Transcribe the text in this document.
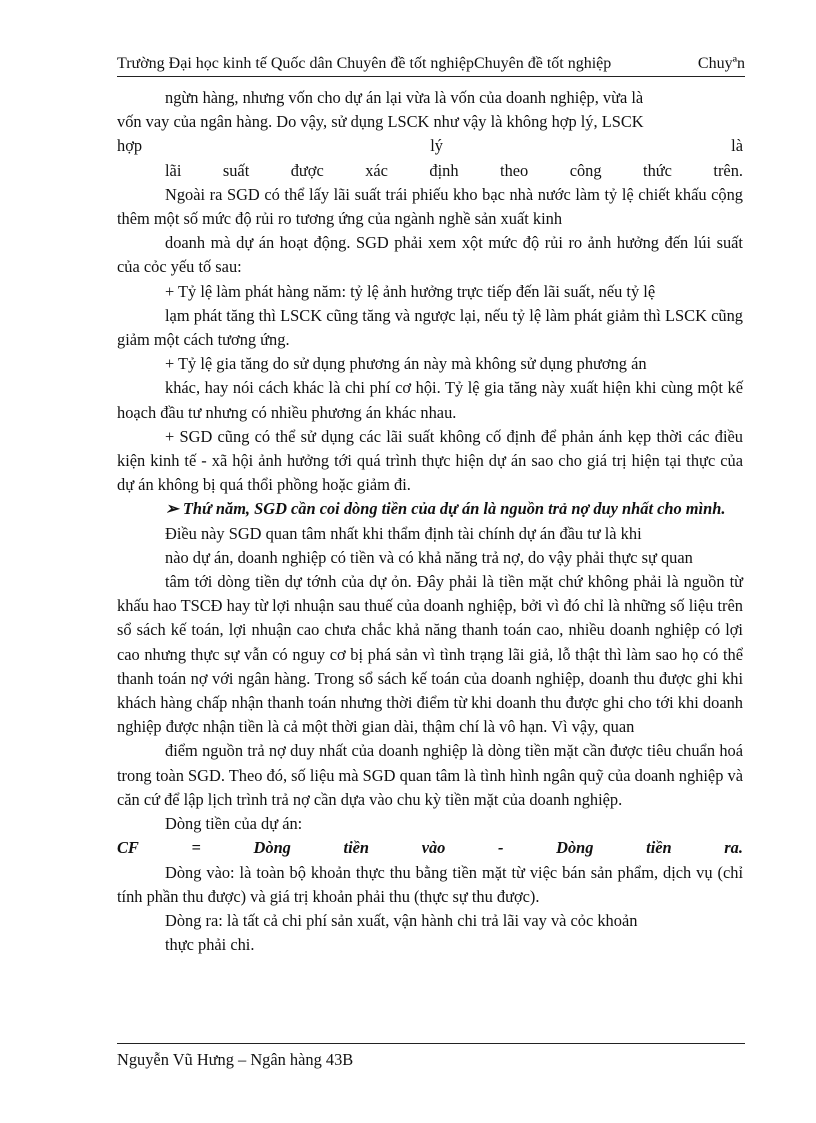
Trường Đại học kinh tế Quốc dân Chuyên đề tốt nghiệpChuyên đề tốt nghiệp	Chuyªn

ngừn hàng, nhưng vốn cho dự án lại vừa là vốn của doanh nghiệp, vừa là

vốn vay của ngân hàng. Do vậy, sử dụng LSCK như vậy là không hợp lý, LSCK

hợp	lý	là

lãi suất được xác định theo công thức trên.

Ngoài ra SGD có thể lấy lãi suất trái phiếu kho bạc nhà nước làm tỷ lệ chiết khấu cộng thêm một số mức độ rủi ro tương ứng của ngành nghề sản xuất kinh

doanh mà dự án hoạt động. SGD phải xem xột mức độ rủi ro ảnh hưởng đến lúi suất của cỏc yếu tố sau:

+ Tỷ lệ làm phát hàng năm: tỷ lệ ảnh hưởng trực tiếp đến lãi suất, nếu tỷ lệ

lạm phát tăng thì LSCK cũng tăng và ngược lại, nếu tỷ lệ làm phát giảm thì LSCK cũng giảm một cách tương ứng.

+ Tỷ lệ gia tăng do sử dụng phương án này mà không sử dụng phương án

khác, hay nói cách khác là chi phí cơ hội. Tỷ lệ gia tăng này xuất hiện khi cùng một kế hoạch đầu tư nhưng có nhiều phương án khác nhau.

+ SGD cũng có thể sử dụng các lãi suất không cố định để phản ánh kẹp thời các điều kiện kinh tế - xã hội ảnh hưởng tới quá trình thực hiện dự án sao cho giá trị hiện tại thực của dự án không bị quá thổi phồng hoặc giảm đi.

➢ Thứ năm, SGD cần coi dòng tiền của dự án là nguồn trả nợ duy nhất cho mình.

Điều này SGD quan tâm nhất khi thẩm định tài chính dự án đầu tư là khi

nào dự án, doanh nghiệp có tiền và có khả năng trả nợ, do vậy phải thực sự quan

tâm tới dòng tiền dự tớnh của dự ỏn. Đây phải là tiền mặt chứ không phải là nguồn từ khấu hao TSCĐ hay từ lợi nhuận sau thuế của doanh nghiệp, bởi vì đó chỉ là những số liệu trên sổ sách kế toán, lợi nhuận cao chưa chắc khả năng thanh toán cao, nhiều doanh nghiệp có lợi cao nhưng thực sự vẫn có nguy cơ bị phá sản vì tình trạng lãi giả, lỗ thật thì làm sao họ có thể thanh toán nợ với ngân hàng. Trong sổ sách kế toán của doanh nghiệp, doanh thu được ghi khi khách hàng chấp nhận thanh toán nhưng thời điểm từ khi doanh thu được ghi cho tới khi doanh nghiệp được nhận tiền là cả một thời gian dài, thậm chí là vô hạn. Vì vậy, quan

điểm nguồn trả nợ duy nhất của doanh nghiệp là dòng tiền mặt cần được tiêu chuẩn hoá trong toàn SGD. Theo đó, số liệu mà SGD quan tâm là tình hình ngân quỹ của doanh nghiệp và căn cứ để lập lịch trình trả nợ cần dựa vào chu kỳ tiền mặt của doanh nghiệp.

Dòng tiền của dự án:

CF	=	Dòng	tiền	vào	-	Dòng	tiền	ra.

Dòng vào: là toàn bộ khoản thực thu bằng tiền mặt từ việc bán sản phẩm, dịch vụ (chỉ tính phần thu được) và giá trị khoản phải thu (thực sự thu được).

Dòng ra: là tất cả chi phí sản xuất, vận hành chi trả lãi vay và cỏc khoản

thực phải chi.

Nguyễn Vũ Hưng – Ngân hàng 43B
